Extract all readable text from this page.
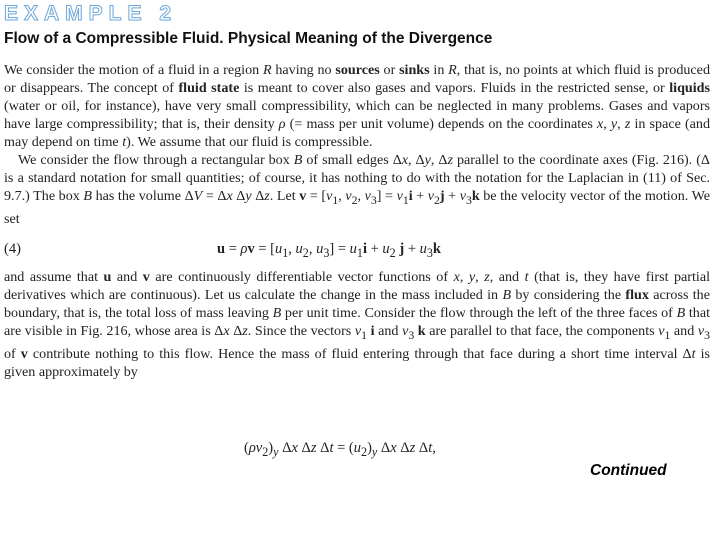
EXAMPLE 2
Flow of a Compressible Fluid. Physical Meaning of the Divergence

We consider the motion of a fluid in a region R having no sources or sinks in R, that is, no points at which fluid is produced or disappears. The concept of fluid state is meant to cover also gases and vapors. Fluids in the restricted sense, or liquids (water or oil, for instance), have very small compressibility, which can be neglected in many problems. Gases and vapors have large compressibility; that is, their density ρ (= mass per unit volume) depends on the coordinates x, y, z in space (and may depend on time t). We assume that our fluid is compressible.

We consider the flow through a rectangular box B of small edges Δx, Δy, Δz parallel to the coordinate axes (Fig. 216). (Δ is a standard notation for small quantities; of course, it has nothing to do with the notation for the Laplacian in (11) of Sec. 9.7.) The box B has the volume ΔV = Δx Δy Δz. Let $v = [v_1$, $v_2$, $v_3] = v_1i + v_2j + v_3k$ be the velocity vector of the motion. We set

(4)	$u = \rho v = [u_1$, $u_2$, $u_3] = u_1i + u_2$ $j + u_3k$

and assume that u and v are continuously differentiable vector functions of x, y, z, and t (that is, they have first partial derivatives which are continuous). Let us calculate the change in the mass included in B by considering the flux across the boundary, that is, the total loss of mass leaving B per unit time. Consider the flow through the left of the three faces of B that are visible in Fig. 216, whose area is Δx Δz. Since the vectors $v_1$ i and $v_3$ k are parallel to that face, the components $v_1$ and $v_3$ of v contribute nothing to this flow. Hence the mass of fluid entering through that face during a short time interval Δt is given approximately by

$(\rho v_2)_y$ Δx Δz $\Delta t = (u_2)_y$ Δx Δz Δt,
Continued
